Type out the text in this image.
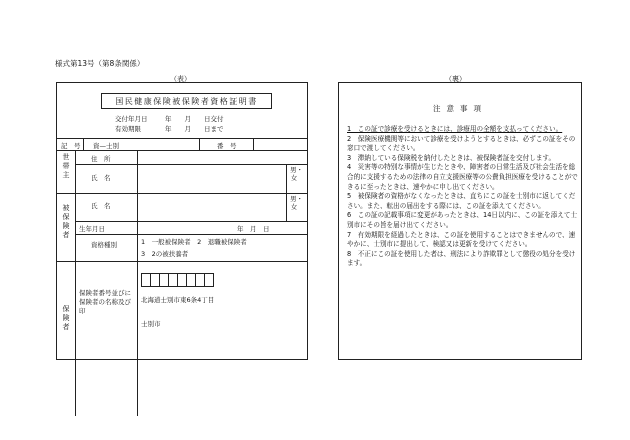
様式第13号（第8条関係）
（表）	（裏）
国民健康保険被保険者資格証明書
交付年月日	年　　月　　日交付
有効期限	年　　月　　日まで
記　号 資—士別	番　号
世帯主
住　所
氏　名
男・女
被保険者
氏　名
男・女
生年月日	年　月　日
資格種別	1　一般被保険者　2　退職被保険者
3　2の被扶養者
保険者
保険者番号並びに保険者の名称及び印
北海道士別市東6条4丁目
士別市
注意事項
1　この証で診療を受けるときには、診療用の全額を支払ってください。
2　保険医療機関等において診療を受けようとするときは、必ずこの証をその窓口で渡してください。
3　滞納している保険税を納付したときは、被保険者証を交付します。
4　災害等の特別な事情が生じたときや、障害者の日常生活及び社会生活を総合的に支援するための法律の自立支援医療等の公費負担医療を受けることができるに至ったときは、速やかに申し出てください。
5　被保険者の資格がなくなったときは、直ちにこの証を士別市に返してください。また、転出の届出をする際には、この証を添えてください。
6　この証の記載事項に変更があったときは、14日以内に、この証を添えて士別市にその旨を届け出てください。
7　有効期限を経過したときは、この証を使用することはできませんので、速やかに、士別市に提出して、検認又は更新を受けてください。
8　不正にこの証を使用した者は、刑法により詐欺罪として懲役の処分を受けます。
